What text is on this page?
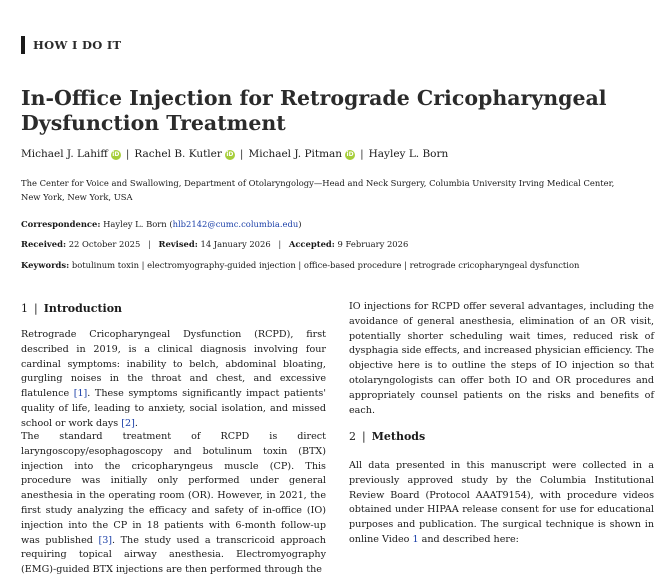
HOW I DO IT
In-Office Injection for Retrograde Cricopharyngeal Dysfunction Treatment
Michael J. Lahiff iD | Rachel B. Kutler iD | Michael J. Pitman iD | Hayley L. Born
The Center for Voice and Swallowing, Department of Otolaryngology—Head and Neck Surgery, Columbia University Irving Medical Center, New York, New York, USA
Correspondence: Hayley L. Born (hlb2142@cumc.columbia.edu)
Received: 22 October 2025 | Revised: 14 January 2026 | Accepted: 9 February 2026
Keywords: botulinum toxin | electromyography-guided injection | office-based procedure | retrograde cricopharyngeal dysfunction
1 | Introduction
Retrograde Cricopharyngeal Dysfunction (RCPD), first described in 2019, is a clinical diagnosis involving four cardinal symptoms: inability to belch, abdominal bloating, gurgling noises in the throat and chest, and excessive flatulence [1]. These symptoms significantly impact patients' quality of life, leading to anxiety, social isolation, and missed school or work days [2].
The standard treatment of RCPD is direct laryngoscopy/esophagoscopy and botulinum toxin (BTX) injection into the cricopharyngeus muscle (CP). This procedure was initially only performed under general anesthesia in the operating room (OR). However, in 2021, the first study analyzing the efficacy and safety of in-office (IO) injection into the CP in 18 patients with 6-month follow-up was published [3]. The study used a transcricoid approach requiring topical airway anesthesia. Electromyography (EMG)-guided BTX injections are then performed through the
IO injections for RCPD offer several advantages, including the avoidance of general anesthesia, elimination of an OR visit, potentially shorter scheduling wait times, reduced risk of dysphagia side effects, and increased physician efficiency. The objective here is to outline the steps of IO injection so that otolaryngologists can offer both IO and OR procedures and appropriately counsel patients on the risks and benefits of each.
2 | Methods
All data presented in this manuscript were collected in a previously approved study by the Columbia Institutional Review Board (Protocol AAAT9154), with procedure videos obtained under HIPAA release consent for use for educational purposes and publication. The surgical technique is shown in online Video 1 and described here:
